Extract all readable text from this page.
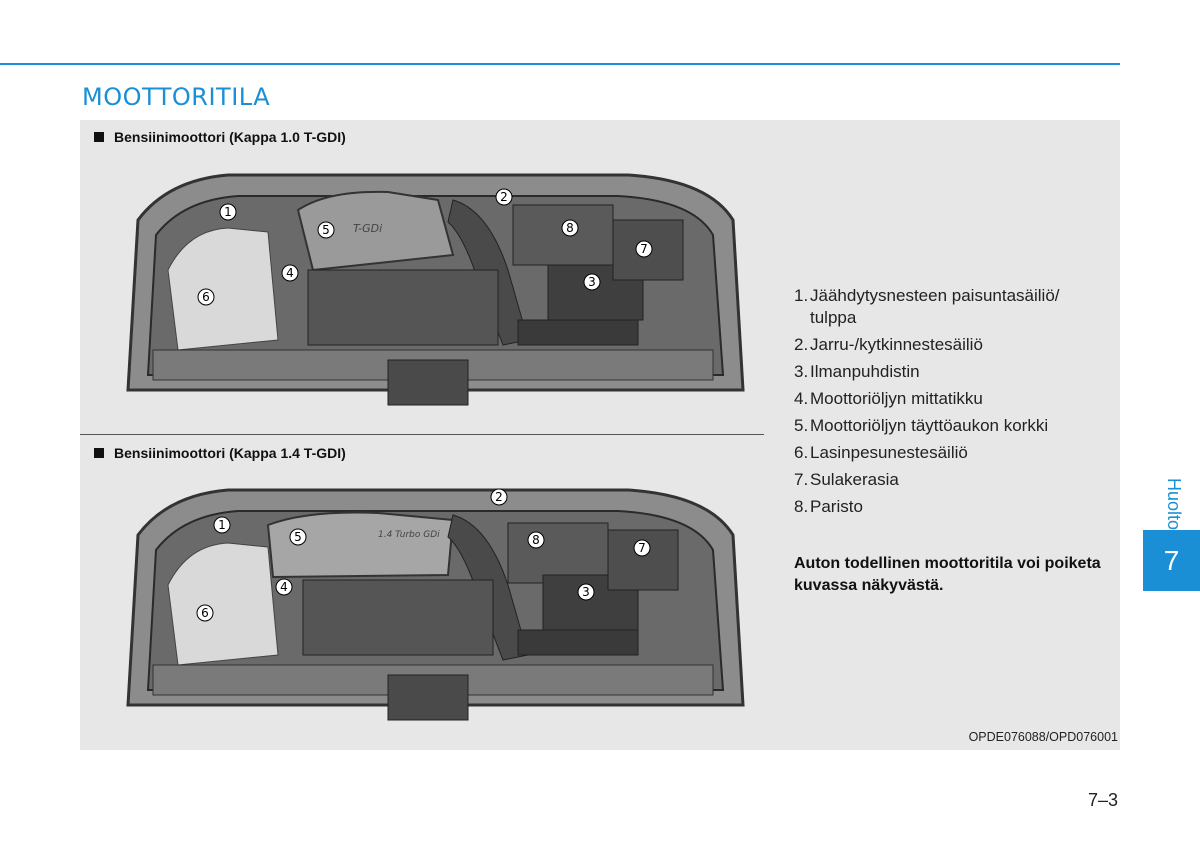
MOOTTORITILA
Bensiinimoottori (Kappa 1.0 T-GDI)
T-GDi
1
2
3
4
5
6
7
8
Bensiinimoottori (Kappa 1.4 T-GDI)
1.4 Turbo GDi
1
2
3
4
5
6
7
8
1. Jäähdytysnesteen paisuntasäiliö/ tulppa
2. Jarru-/kytkinnestesäiliö
3. Ilmanpuhdistin
4. Moottoriöljyn mittatikku
5. Moottoriöljyn täyttöaukon korkki
6. Lasinpesunestesäiliö
7. Sulakerasia
8. Paristo
Auton todellinen moottoritila voi poiketa kuvassa näkyvästä.
OPDE076088/OPD076001
7–3
Huolto
7
